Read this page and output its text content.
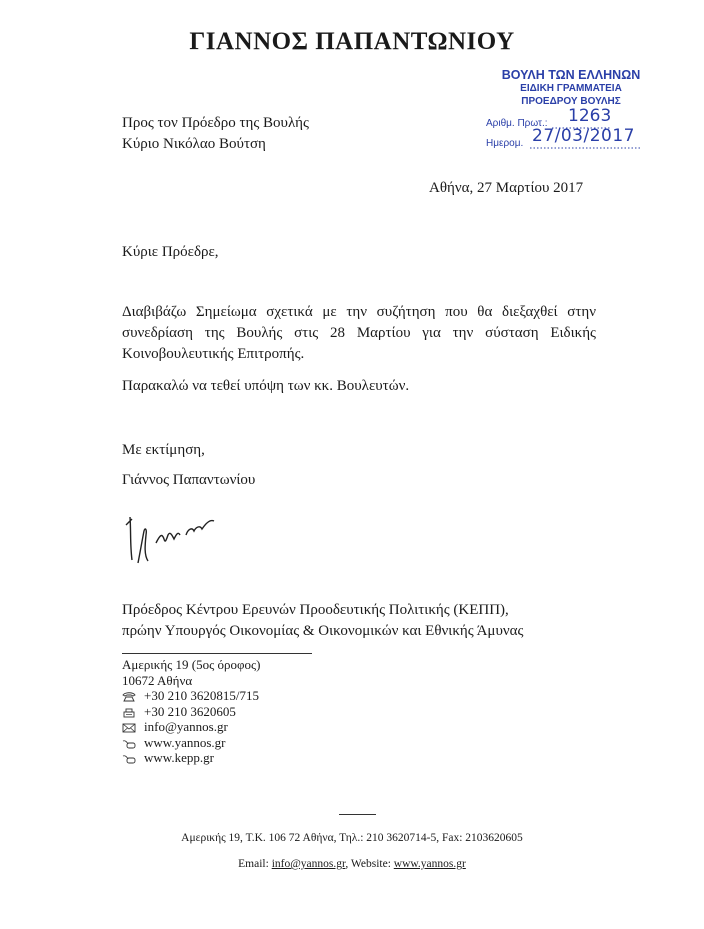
ΓΙΑΝΝΟΣ ΠΑΠΑΝΤΩΝΙΟΥ
ΒΟΥΛΗ ΤΩΝ ΕΛΛΗΝΩΝ
ΕΙΔΙΚΗ ΓΡΑΜΜΑΤΕΙΑ
ΠΡΟΕΔΡΟΥ ΒΟΥΛΗΣ
Αριθμ. Πρωτ.: 1263
Ημερομ. 27/03/2017
Προς τον Πρόεδρο της Βουλής
Κύριο Νικόλαο Βούτση
Αθήνα, 27 Μαρτίου 2017
Κύριε Πρόεδρε,
Διαβιβάζω Σημείωμα σχετικά με την συζήτηση που θα διεξαχθεί στην συνεδρίαση της Βουλής στις 28 Μαρτίου για την σύσταση Ειδικής Κοινοβουλευτικής Επιτροπής.
Παρακαλώ να τεθεί υπόψη των κκ. Βουλευτών.
Με εκτίμηση,
Γιάννος Παπαντωνίου
Πρόεδρος Κέντρου Ερευνών Προοδευτικής Πολιτικής (ΚΕΠΠ),
πρώην Υπουργός Οικονομίας & Οικονομικών και Εθνικής Άμυνας
Αμερικής 19 (5ος όροφος)
10672 Αθήνα
+30 210 3620815/715
+30 210 3620605
info@yannos.gr
www.yannos.gr
www.kepp.gr
Αμερικής 19, Τ.Κ. 106 72 Αθήνα, Τηλ.: 210 3620714-5, Fax: 2103620605
Email: info@yannos.gr, Website: www.yannos.gr
